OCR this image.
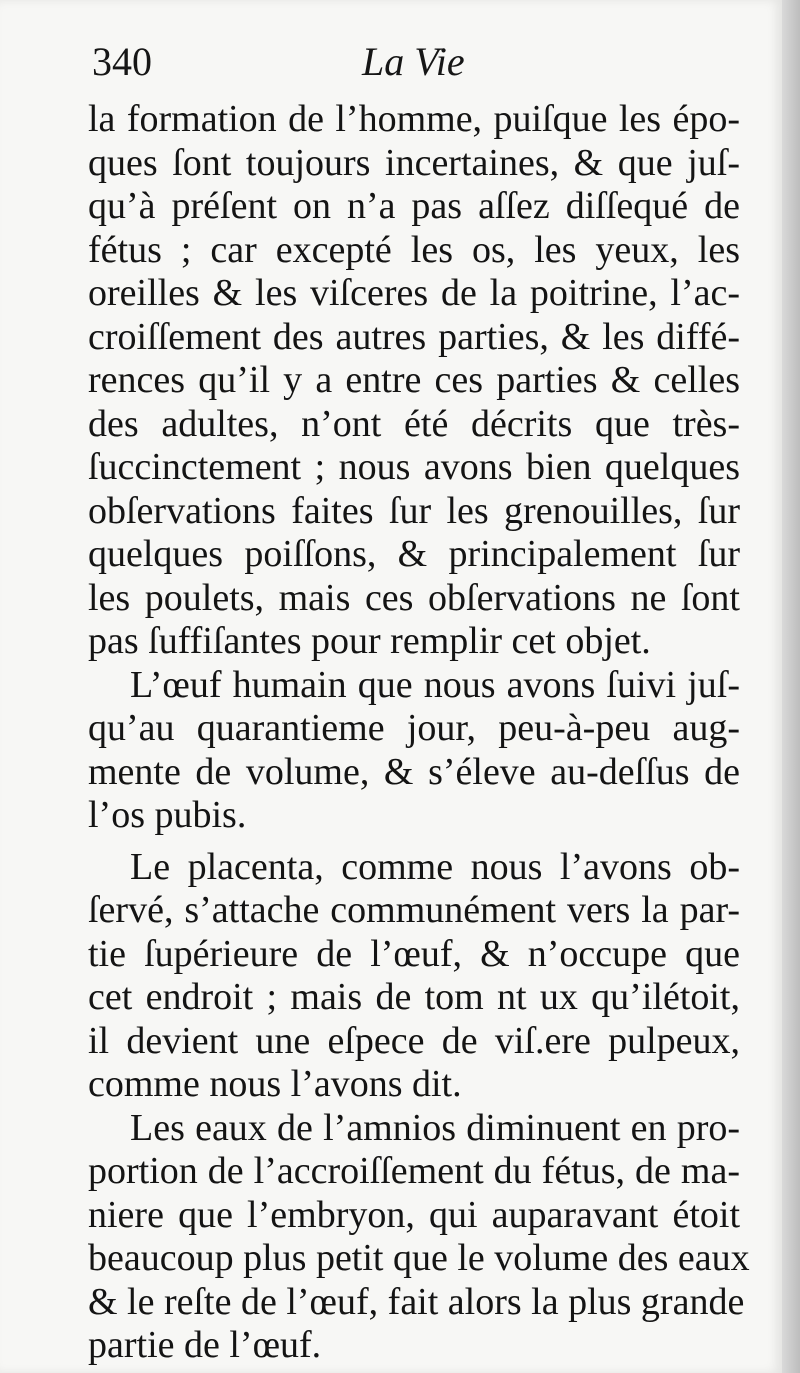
340	La Vie
la formation de l’homme, puiſque les épo-
ques ſont toujours incertaines, & que juſ-
qu’à préſent on n’a pas aſſez diſſequé de
fétus ; car excepté les os, les yeux, les
oreilles & les viſceres de la poitrine, l’ac-
croiſſement des autres parties, & les diffé-
rences qu’il y a entre ces parties & celles
des adultes, n’ont été décrits que très-
ſuccinctement ; nous avons bien quelques
obſervations faites ſur les grenouilles, ſur
quelques poiſſons, & principalement ſur
les poulets, mais ces obſervations ne ſont
pas ſuffiſantes pour remplir cet objet.
L’œuf humain que nous avons ſuivi juſ-
qu’au quarantieme jour, peu-à-peu aug-
mente de volume, & s’éleve au-deſſus de
l’os pubis.
Le placenta, comme nous l’avons ob-
ſervé, s’attache communément vers la par-
tie ſupérieure de l’œuf, & n’occupe que
cet endroit ; mais de tom nt ux qu’ilétoit,
il devient une eſpece de viſ.ere pulpeux,
comme nous l’avons dit.
Les eaux de l’amnios diminuent en pro-
portion de l’accroiſſement du fétus, de ma-
niere que l’embryon, qui auparavant étoit
beaucoup plus petit que le volume des eaux
& le reſte de l’œuf, fait alors la plus grande
partie de l’œuf.
